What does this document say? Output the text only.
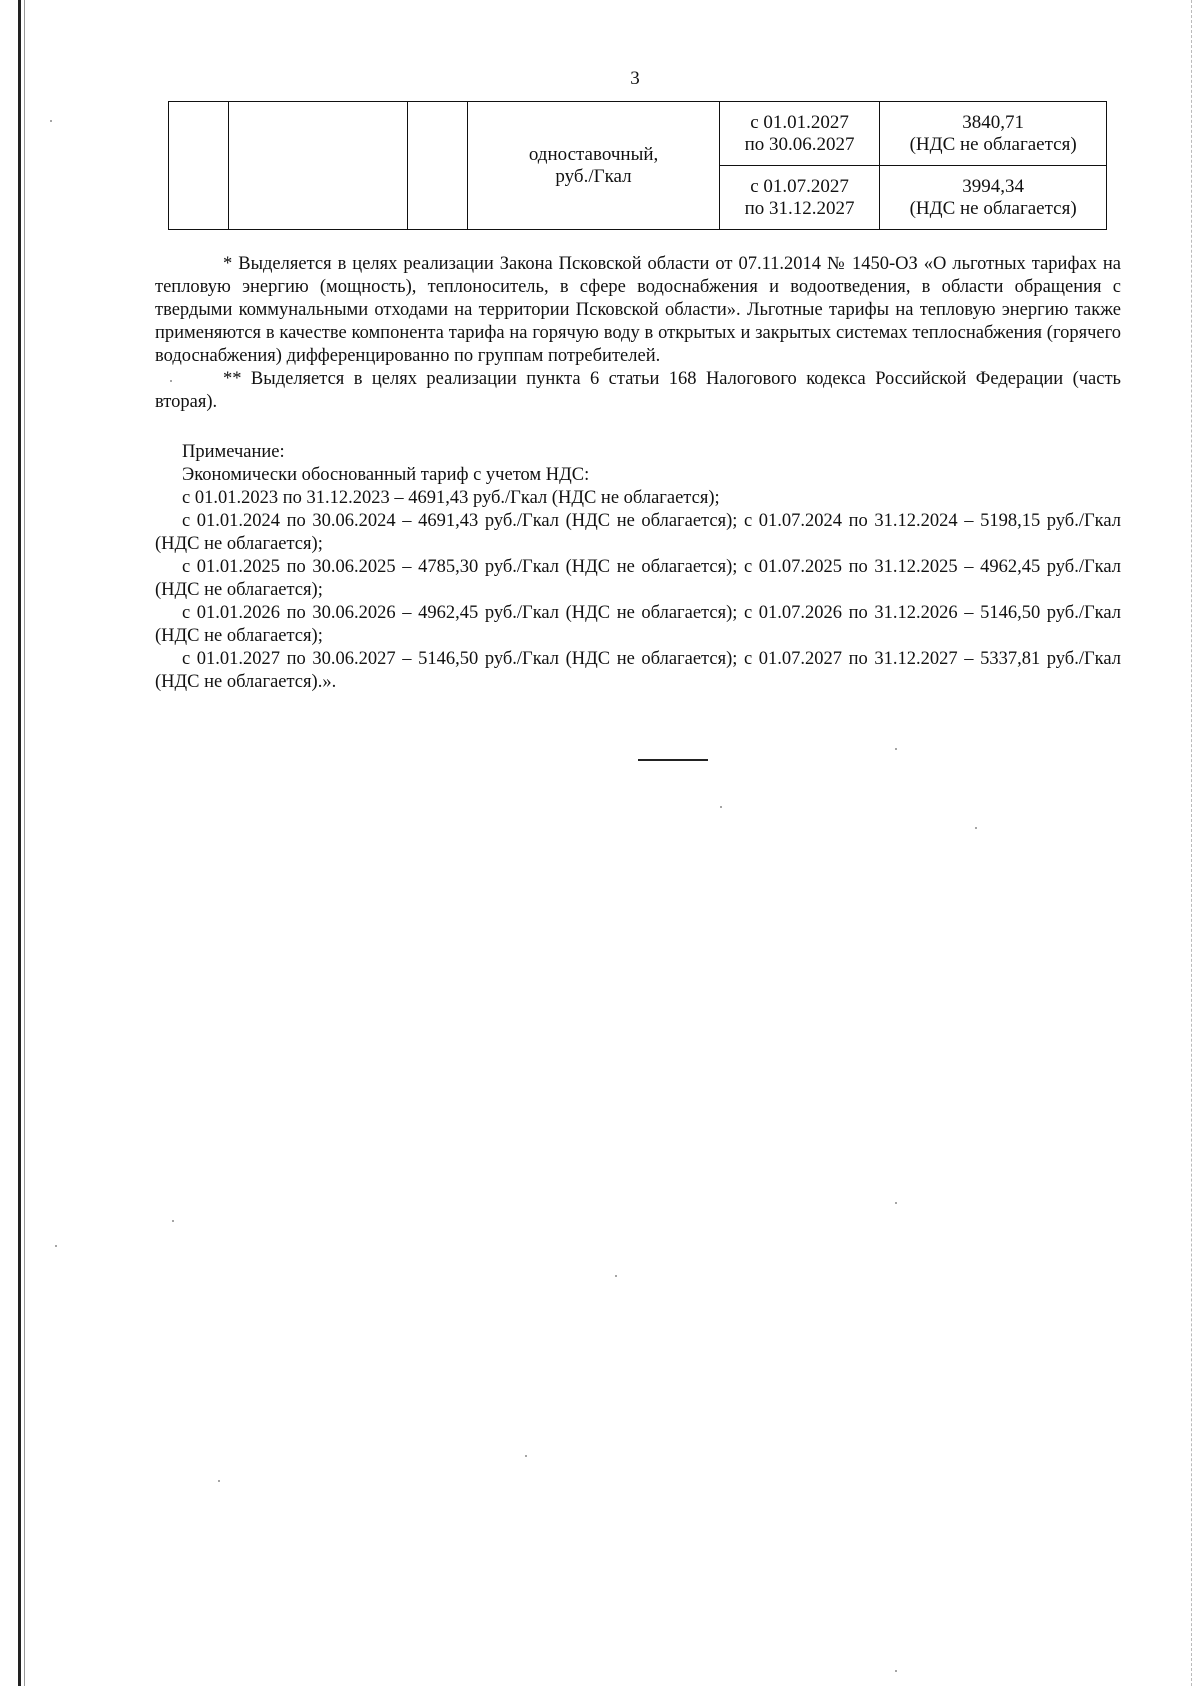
3

			одноставочный,
руб./Гкал	с 01.01.2027
по 30.06.2027	3840,71
(НДС не облагается)

				с 01.07.2027
по 31.12.2027	3994,34
(НДС не облагается)

* Выделяется в целях реализации Закона Псковской области от 07.11.2014 № 1450-ОЗ «О льготных тарифах на тепловую энергию (мощность), теплоноситель, в сфере водоснабжения и водоотведения, в области обращения с твердыми коммунальными отходами на территории Псковской области». Льготные тарифы на тепловую энергию также применяются в качестве компонента тарифа на горячую воду в открытых и закрытых системах теплоснабжения (горячего водоснабжения) дифференцированно по группам потребителей.

** Выделяется в целях реализации пункта 6 статьи 168 Налогового кодекса Российской Федерации (часть вторая).

Примечание:

Экономически обоснованный тариф с учетом НДС:

с 01.01.2023 по 31.12.2023 – 4691,43 руб./Гкал (НДС не облагается);

с 01.01.2024 по 30.06.2024 – 4691,43 руб./Гкал (НДС не облагается); с 01.07.2024 по 31.12.2024 – 5198,15 руб./Гкал (НДС не облагается);

с 01.01.2025 по 30.06.2025 – 4785,30 руб./Гкал (НДС не облагается); с 01.07.2025 по 31.12.2025 – 4962,45 руб./Гкал (НДС не облагается);

с 01.01.2026 по 30.06.2026 – 4962,45 руб./Гкал (НДС не облагается); с 01.07.2026 по 31.12.2026 – 5146,50 руб./Гкал (НДС не облагается);

с 01.01.2027 по 30.06.2027 – 5146,50 руб./Гкал (НДС не облагается); с 01.07.2027 по 31.12.2027 – 5337,81 руб./Гкал (НДС не облагается).».
